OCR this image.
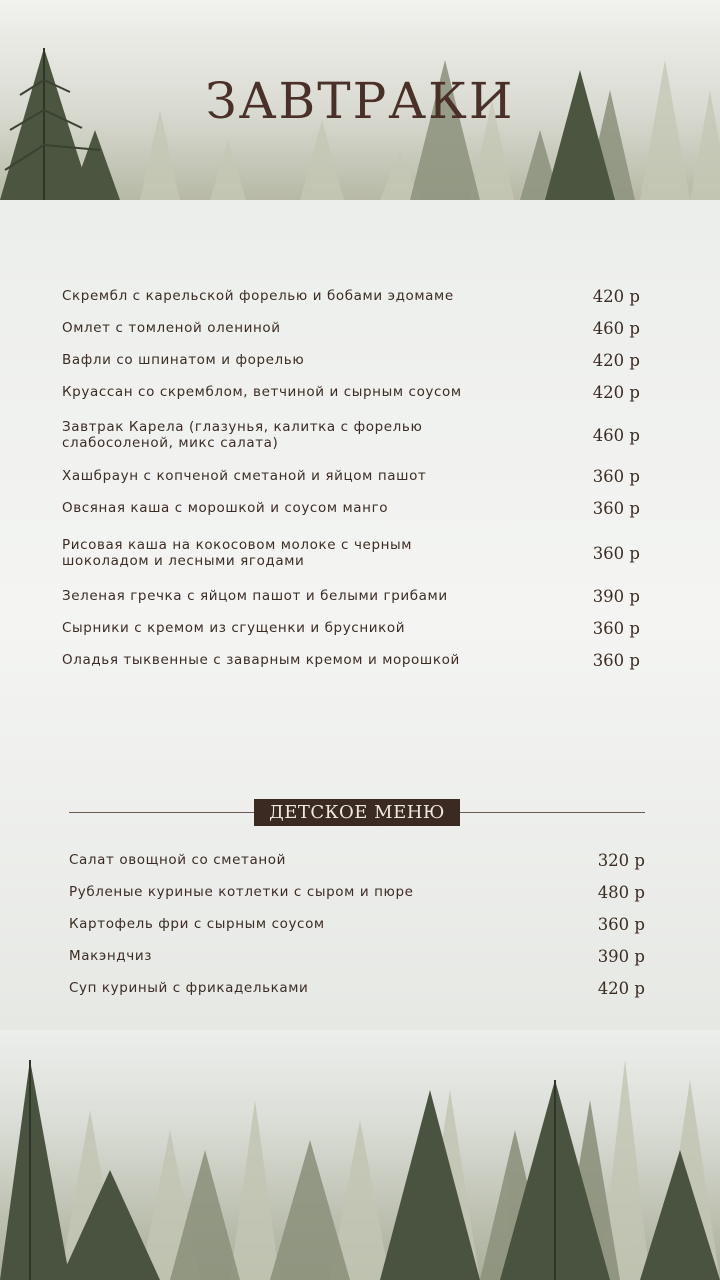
ЗАВТРАКИ
Скрембл с карельской форелью и бобами эдомаме	420 р
Омлет с томленой олениной	460 р
Вафли со шпинатом и форелью	420 р
Круассан со скремблом, ветчиной и сырным соусом	420 р
Завтрак Карела (глазунья, калитка с форелью слабосоленой, микс салата)	460 р
Хашбраун с копченой сметаной и яйцом пашот	360 р
Овсяная каша с морошкой и соусом манго	360 р
Рисовая каша на кокосовом молоке с черным шоколадом и лесными ягодами	360 р
Зеленая гречка с яйцом пашот и белыми грибами	390 р
Сырники с кремом из сгущенки и брусникой	360 р
Оладья тыквенные с заварным кремом и морошкой	360 р
ДЕТСКОЕ МЕНЮ
Салат овощной со сметаной	320 р
Рубленые куриные котлетки с сыром и пюре	480 р
Картофель фри с сырным соусом	360 р
Макэндчиз	390 р
Суп куриный с фрикадельками	420 р
